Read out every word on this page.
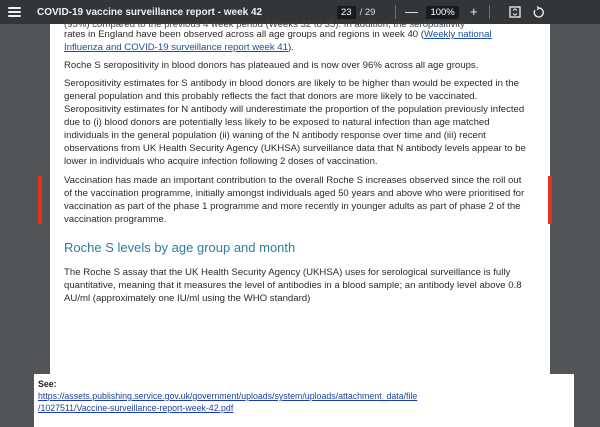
COVID-19 vaccine surveillance report - week 42	23 / 29 —	100%	+

(95%) compared to the previous 4 week period (Weeks 32 to 35). In addition, the seropositivity

rates in England have been observed across all age groups and regions in week 40 (Weekly national Influenza and COVID-19 surveillance report week 41).

Roche S seropositivity in blood donors has plateaued and is now over 96% across all age groups.

Seropositivity estimates for S antibody in blood donors are likely to be higher than would be expected in the general population and this probably reflects the fact that donors are more likely to be vaccinated. Seropositivity estimates for N antibody will underestimate the proportion of the population previously infected due to (i) blood donors are potentially less likely to be exposed to natural infection than age matched individuals in the general population (ii) waning of the N antibody response over time and (iii) recent observations from UK Health Security Agency (UKHSA) surveillance data that N antibody levels appear to be lower in individuals who acquire infection following 2 doses of vaccination.

Vaccination has made an important contribution to the overall Roche S increases observed since the roll out of the vaccination programme, initially amongst individuals aged 50 years and above who were prioritised for vaccination as part of the phase 1 programme and more recently in younger adults as part of phase 2 of the vaccination programme.

Roche S levels by age group and month

The Roche S assay that the UK Health Security Agency (UKHSA) uses for serological surveillance is fully quantitative, meaning that it measures the level of antibodies in a blood sample; an antibody level above 0.8 AU/ml (approximately one IU/ml using the WHO standard)

See:
https://assets.publishing.service.gov.uk/government/uploads/system/uploads/attachment_data/file
/1027511/Vaccine-surveillance-report-week-42.pdf
